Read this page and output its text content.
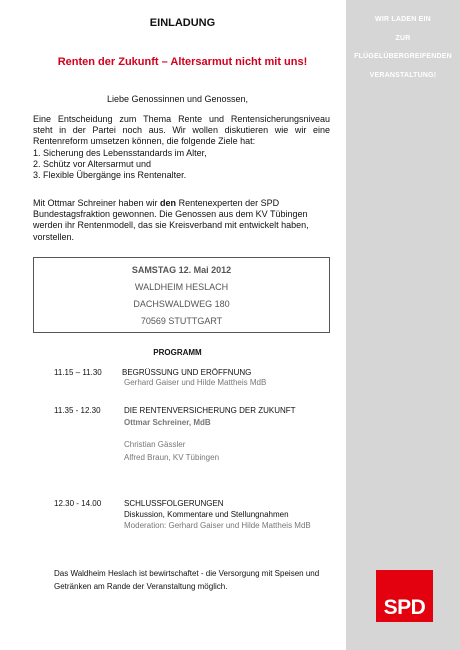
WIR LADEN EIN
ZUR
FLÜGELÜBERGREIFENDEN
VERANSTALTUNG!
SPD
EINLADUNG
Renten der Zukunft – Altersarmut nicht mit uns!
Liebe Genossinnen und Genossen,

Eine Entscheidung zum Thema Rente und Rentensicherungsniveau

steht in der Partei noch aus. Wir wollen diskutieren wie wir eine

Rentenreform umsetzen können, die folgende Ziele hat:

1. Sicherung des Lebensstandards im Alter,

2. Schütz vor Altersarmut und

3. Flexible Übergänge ins Rentenalter.

Mit Ottmar Schreiner haben wir den Rentenexperten der SPD

Bundestagsfraktion gewonnen. Die Genossen aus dem KV Tübingen

werden ihr Rentenmodell, das sie Kreisverband mit entwickelt haben,

vorstellen.

SAMSTAG 12. Mai 2012
WALDHEIM HESLACH
DACHSWALDWEG 180
70569 STUTTGART
PROGRAMM
11.15 – 11.30	BEGRÜSSUNG UND ERÖFFNUNG
Gerhard Gaiser und Hilde Mattheis MdB
11.35 - 12.30	DIE RENTENVERSICHERUNG DER ZUKUNFT
Ottmar Schreiner, MdB
Christian Gässler
Alfred Braun, KV Tübingen
12.30 - 14.00	SCHLUSSFOLGERUNGEN
Diskussion, Kommentare und Stellungnahmen
Moderation: Gerhard Gaiser und Hilde Mattheis MdB
Das Waldheim Heslach ist bewirtschaftet - die Versorgung mit Speisen und Getränken am Rande der Veranstaltung möglich.
